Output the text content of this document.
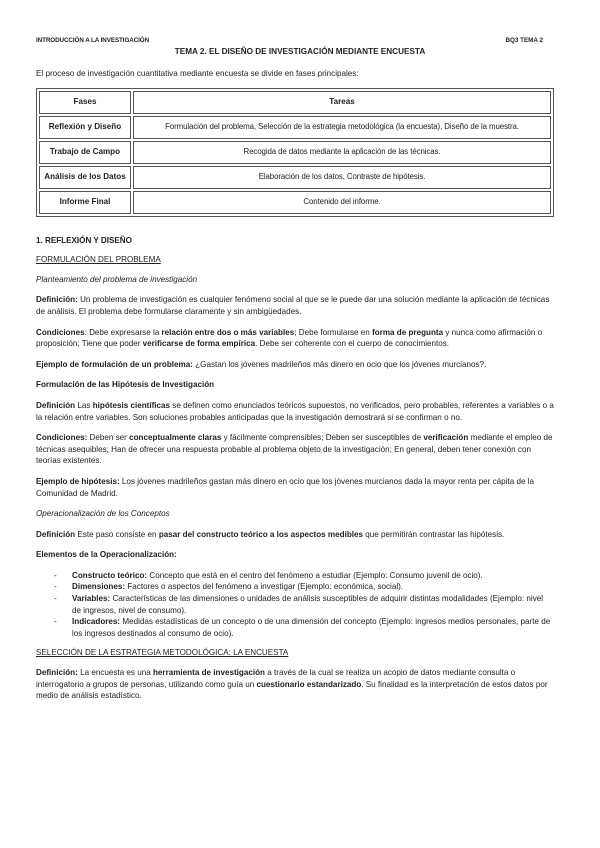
INTRODUCCIÓN A LA INVESTIGACIÓN	BQ3 TEMA 2
TEMA 2. EL DISEÑO DE INVESTIGACIÓN MEDIANTE ENCUESTA

El proceso de investigación cuantitativa mediante encuesta se divide en fases principales:

Fases	Tareas
Reflexión y Diseño	Formulación del problema, Selección de la estrategia metodológica (la encuesta), Diseño de la muestra.
Trabajo de Campo	Recogida de datos mediante la aplicación de las técnicas.
Análisis de los Datos	Elaboración de los datos, Contraste de hipótesis.
Informe Final	Contenido del informe.

1. REFLEXIÓN Y DISEÑO

FORMULACIÓN DEL PROBLEMA

Planteamiento del problema de investigación

Definición: Un problema de investigación es cualquier fenómeno social al que se le puede dar una solución mediante la aplicación de técnicas de análisis. El problema debe formularse claramente y sin ambigüedades.

Condiciones: Debe expresarse la relación entre dos o más variables; Debe formularse en forma de pregunta y nunca como afirmación o proposición; Tiene que poder verificarse de forma empírica. Debe ser coherente con el cuerpo de conocimientos.

Ejemplo de formulación de un problema: ¿Gastan los jóvenes madrileños más dinero en ocio que los jóvenes murcianos?.

Formulación de las Hipótesis de Investigación

Definición Las hipótesis científicas se definen como enunciados teóricos supuestos, no verificados, pero probables, referentes a variables o a la relación entre variables. Son soluciones probables anticipadas que la investigación demostrará si se confirman o no.

Condiciones: Deben ser conceptualmente claras y fácilmente comprensibles; Deben ser susceptibles de verificación mediante el empleo de técnicas asequibles; Han de ofrecer una respuesta probable al problema objeto de la investigación; En general, deben tener conexión con teorías existentes.

Ejemplo de hipótesis: Los jóvenes madrileños gastan más dinero en ocio que los jóvenes murcianos dada la mayor renta per cápita de la Comunidad de Madrid.

Operacionalización de los Conceptos

Definición Este paso consiste en pasar del constructo teórico a los aspectos medibles que permitirán contrastar las hipótesis.

Elementos de la Operacionalización:

- Constructo teórico: Concepto que está en el centro del fenómeno a estudiar (Ejemplo: Consumo juvenil de ocio).
- Dimensiones: Factores o aspectos del fenómeno a investigar (Ejemplo: económica, social).
- Variables: Características de las dimensiones o unidades de análisis susceptibles de adquirir distintas modalidades (Ejemplo: nivel de ingresos, nivel de consumo).
- Indicadores: Medidas estadísticas de un concepto o de una dimensión del concepto (Ejemplo: ingresos medios personales, parte de los ingresos destinados al consumo de ocio).

SELECCIÓN DE LA ESTRATEGIA METODOLÓGICA: LA ENCUESTA

Definición: La encuesta es una herramienta de investigación a través de la cual se realiza un acopio de datos mediante consulta o interrogatorio a grupos de personas, utilizando como guía un cuestionario estandarizado. Su finalidad es la interpretación de estos datos por medio de análisis estadístico.
